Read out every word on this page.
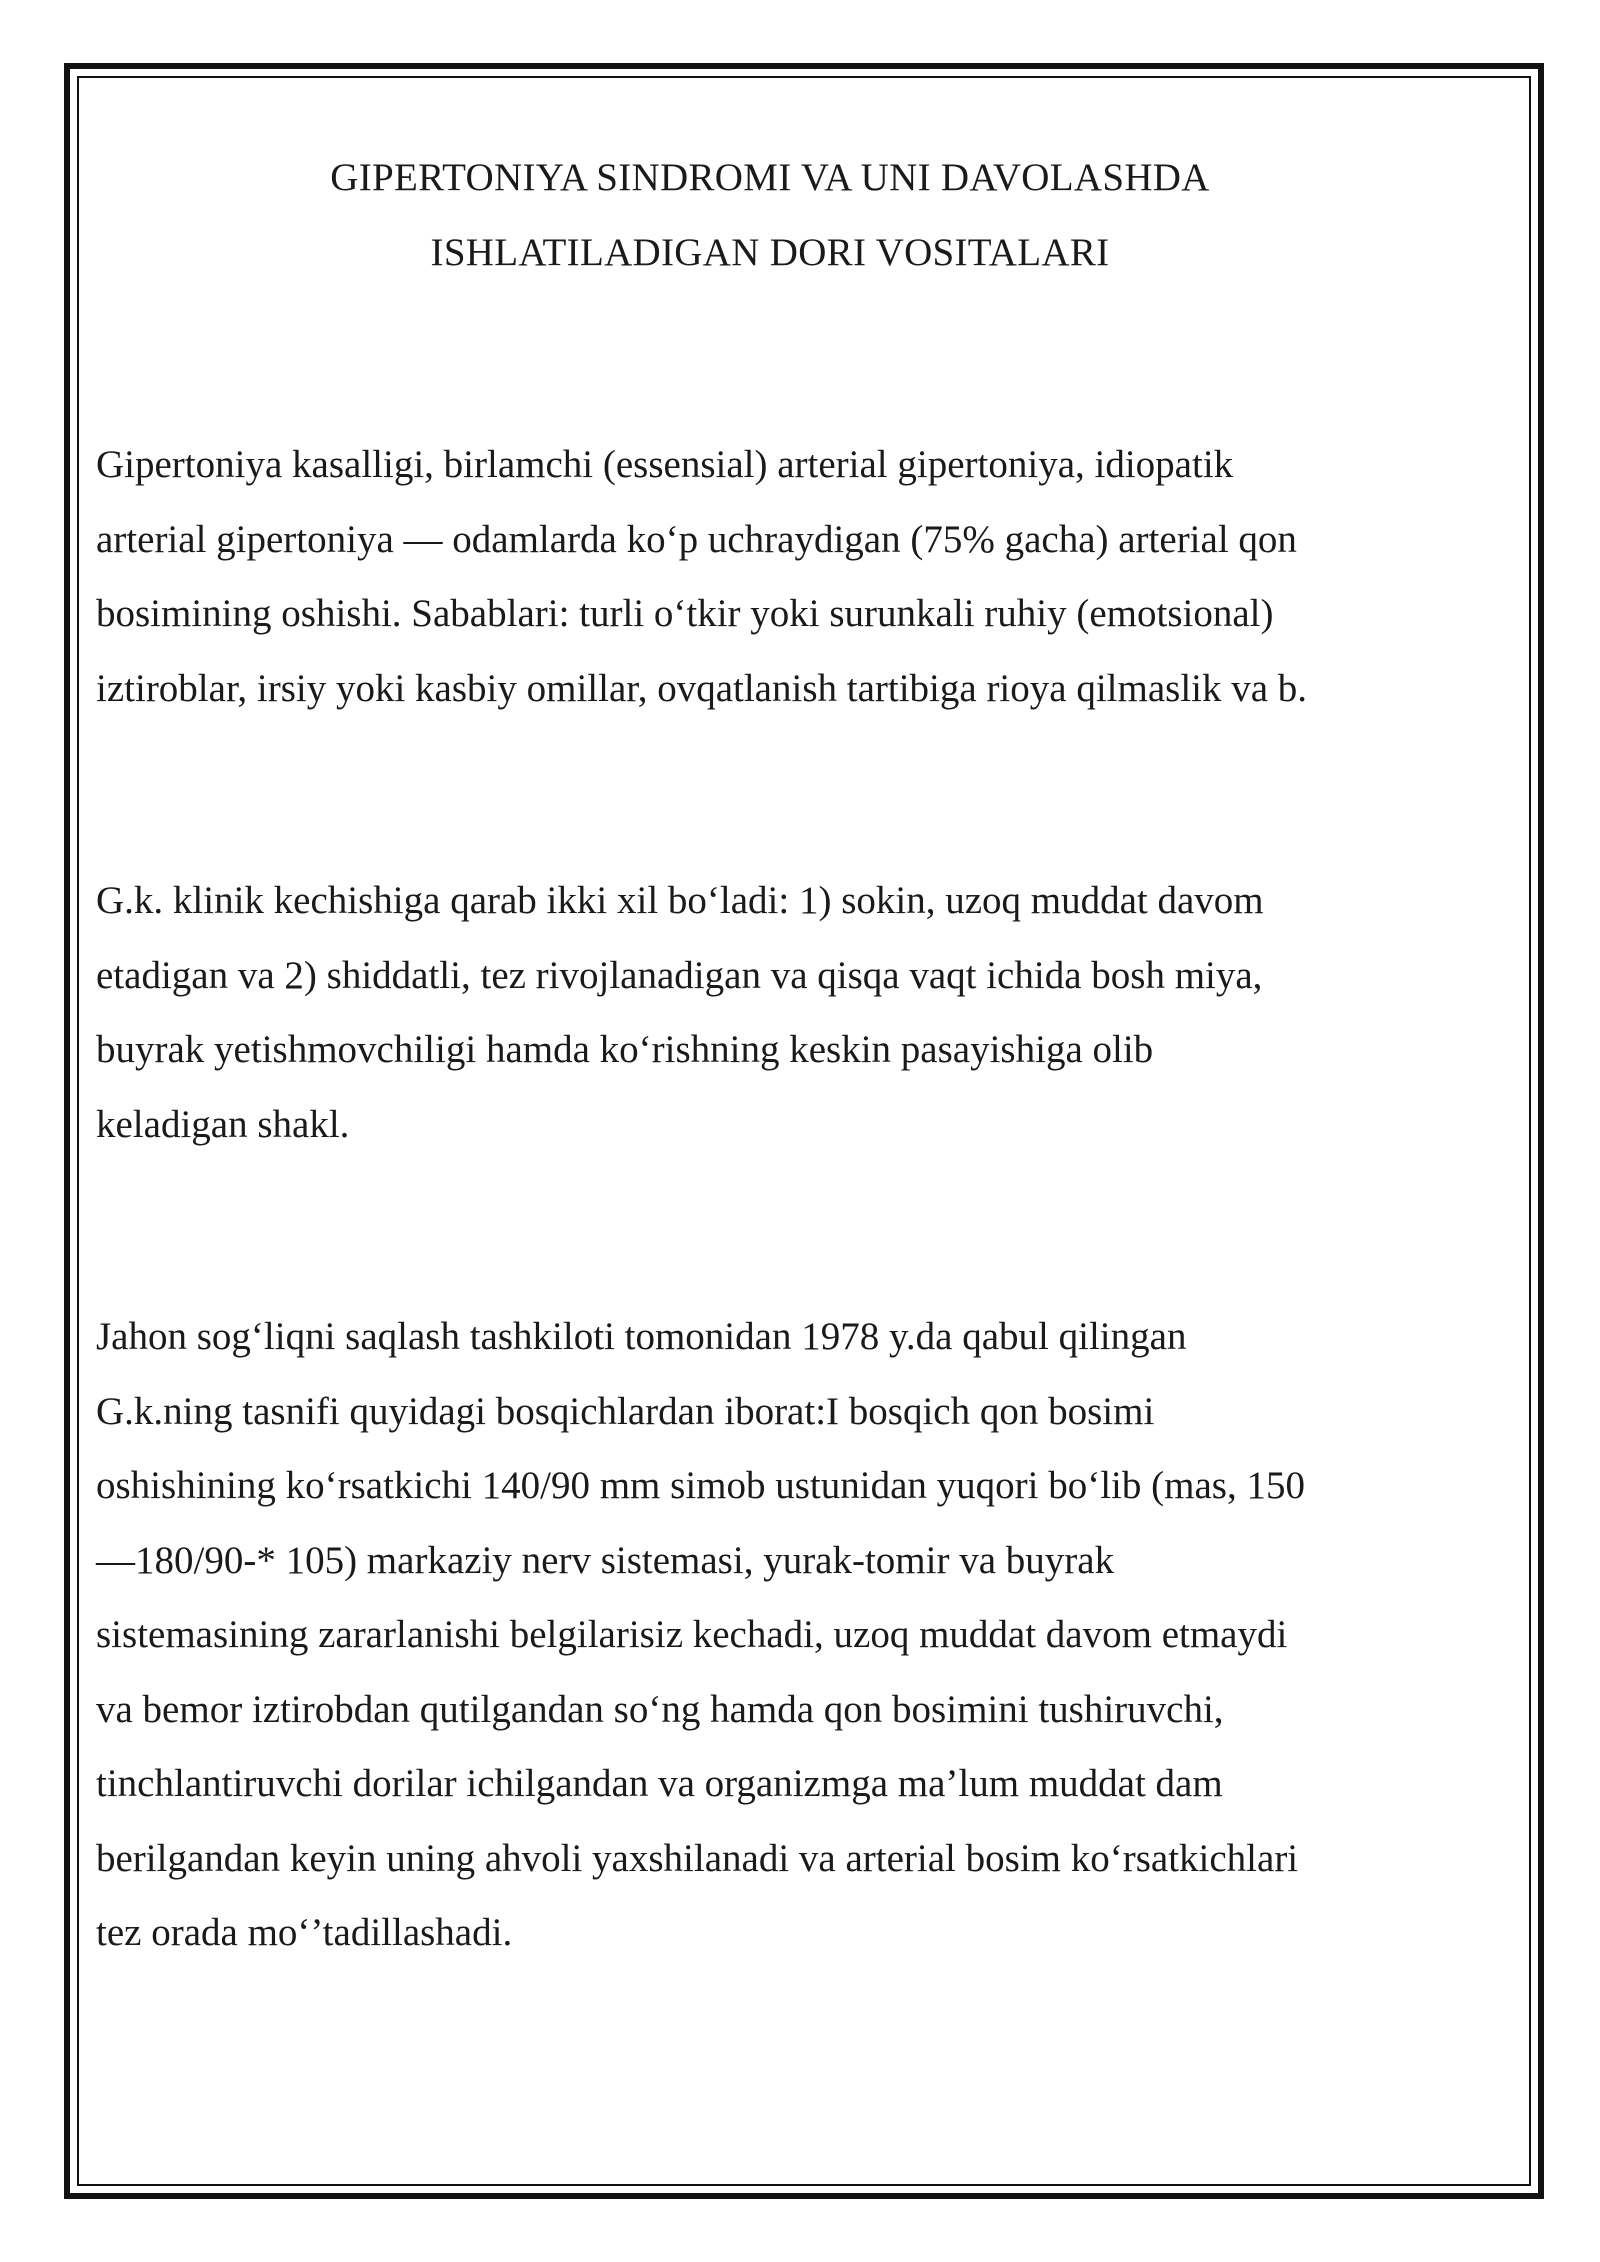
GIPERTONIYA SINDROMI VA UNI DAVOLASHDA
ISHLATILADIGAN DORI VOSITALARI
Gipertoniya kasalligi, birlamchi (essensial) arterial gipertoniya, idiopatik
arterial gipertoniya — odamlarda ko‘p uchraydigan (75% gacha) arterial qon
bosimining oshishi. Sabablari: turli o‘tkir yoki surunkali ruhiy (emotsional)
iztiroblar, irsiy yoki kasbiy omillar, ovqatlanish tartibiga rioya qilmaslik va b.
G.k. klinik kechishiga qarab ikki xil bo‘ladi: 1) sokin, uzoq muddat davom
etadigan va 2) shiddatli, tez rivojlanadigan va qisqa vaqt ichida bosh miya,
buyrak yetishmovchiligi hamda ko‘rishning keskin pasayishiga olib
keladigan shakl.
Jahon sog‘liqni saqlash tashkiloti tomonidan 1978 y.da qabul qilingan
G.k.ning tasnifi quyidagi bosqichlardan iborat:I bosqich qon bosimi
oshishining ko‘rsatkichi 140/90 mm simob ustunidan yuqori bo‘lib (mas, 150
—180/90-* 105) markaziy nerv sistemasi, yurak-tomir va buyrak
sistemasining zararlanishi belgilarisiz kechadi, uzoq muddat davom etmaydi
va bemor iztirobdan qutilgandan so‘ng hamda qon bosimini tushiruvchi,
tinchlantiruvchi dorilar ichilgandan va organizmga ma’lum muddat dam
berilgandan keyin uning ahvoli yaxshilanadi va arterial bosim ko‘rsatkichlari
tez orada mo‘’tadillashadi.
